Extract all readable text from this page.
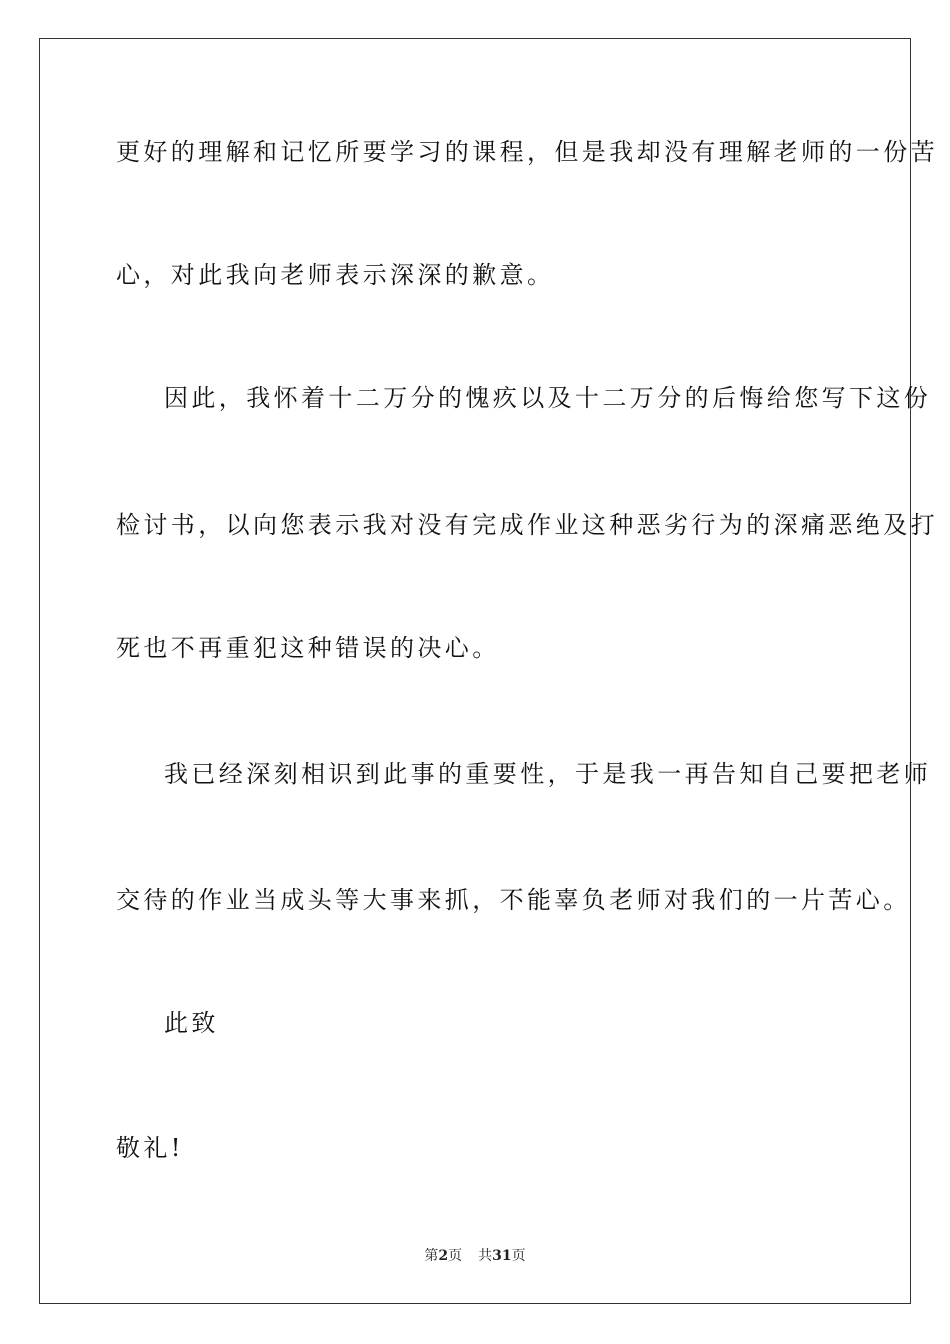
更好的理解和记忆所要学习的课程，但是我却没有理解老师的一份苦
心，对此我向老师表示深深的歉意。
因此，我怀着十二万分的愧疚以及十二万分的后悔给您写下这份
检讨书，以向您表示我对没有完成作业这种恶劣行为的深痛恶绝及打
死也不再重犯这种错误的决心。
我已经深刻相识到此事的重要性，于是我一再告知自己要把老师
交待的作业当成头等大事来抓，不能辜负老师对我们的一片苦心。
此致
敬礼!
第2页 共31页
